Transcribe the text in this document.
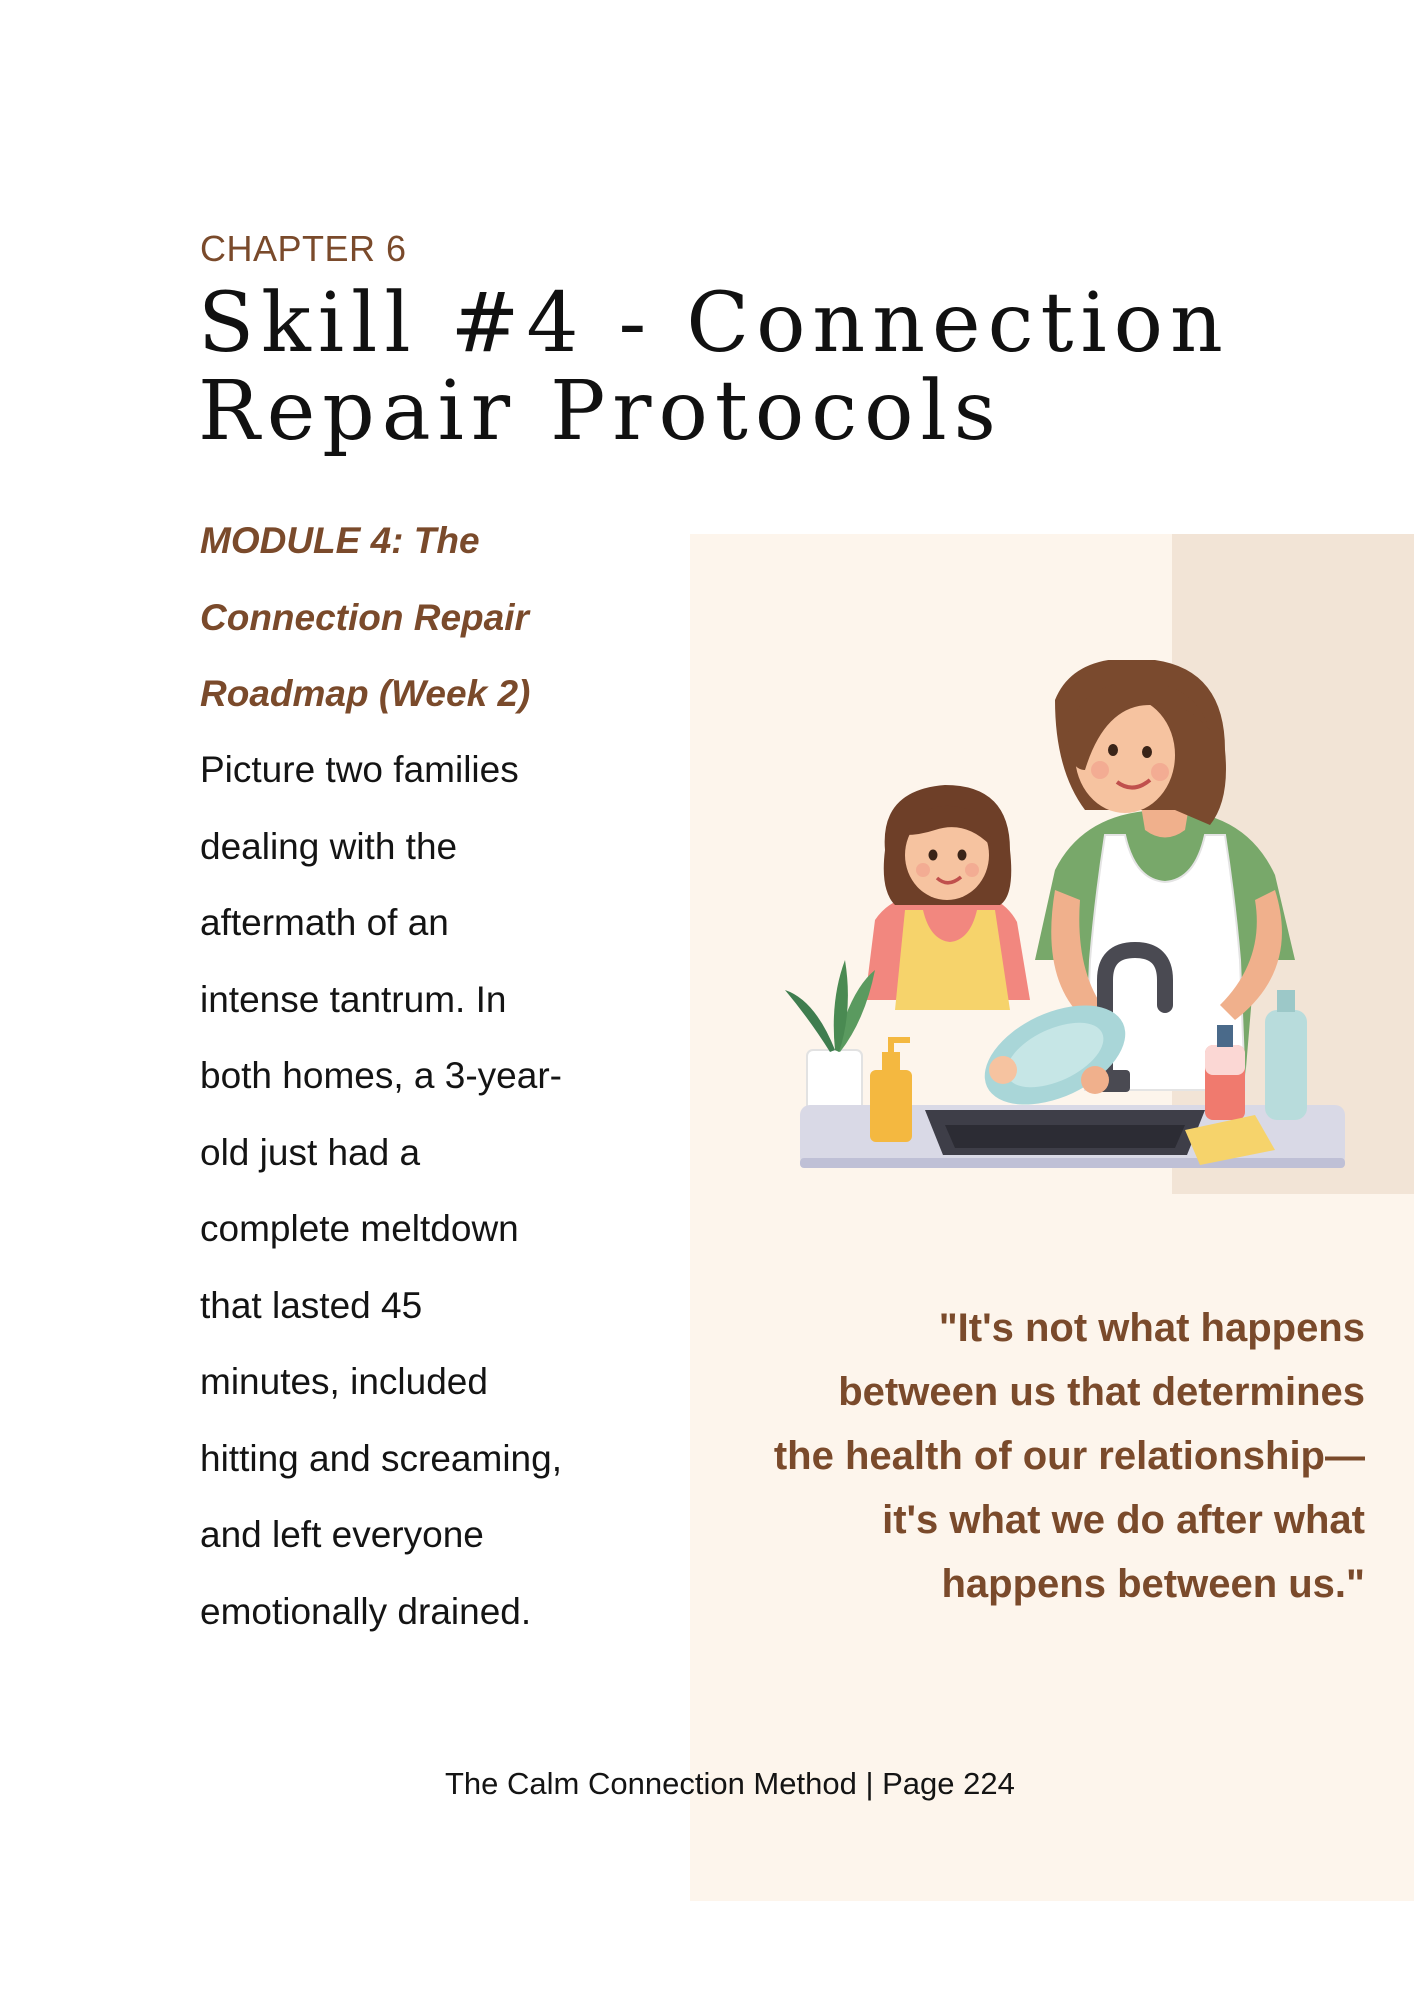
CHAPTER 6
Skill #4 - Connection
Repair Protocols
MODULE 4: The
Connection Repair
Roadmap (Week 2)
Picture two families
dealing with the
aftermath of an
intense tantrum. In
both homes, a 3-year-
old just had a
complete meltdown
that lasted 45
minutes, included
hitting and screaming,
and left everyone
emotionally drained.
"It's not what happens
between us that determines
the health of our relationship—
it's what we do after what
happens between us."
The Calm Connection Method | Page 224
